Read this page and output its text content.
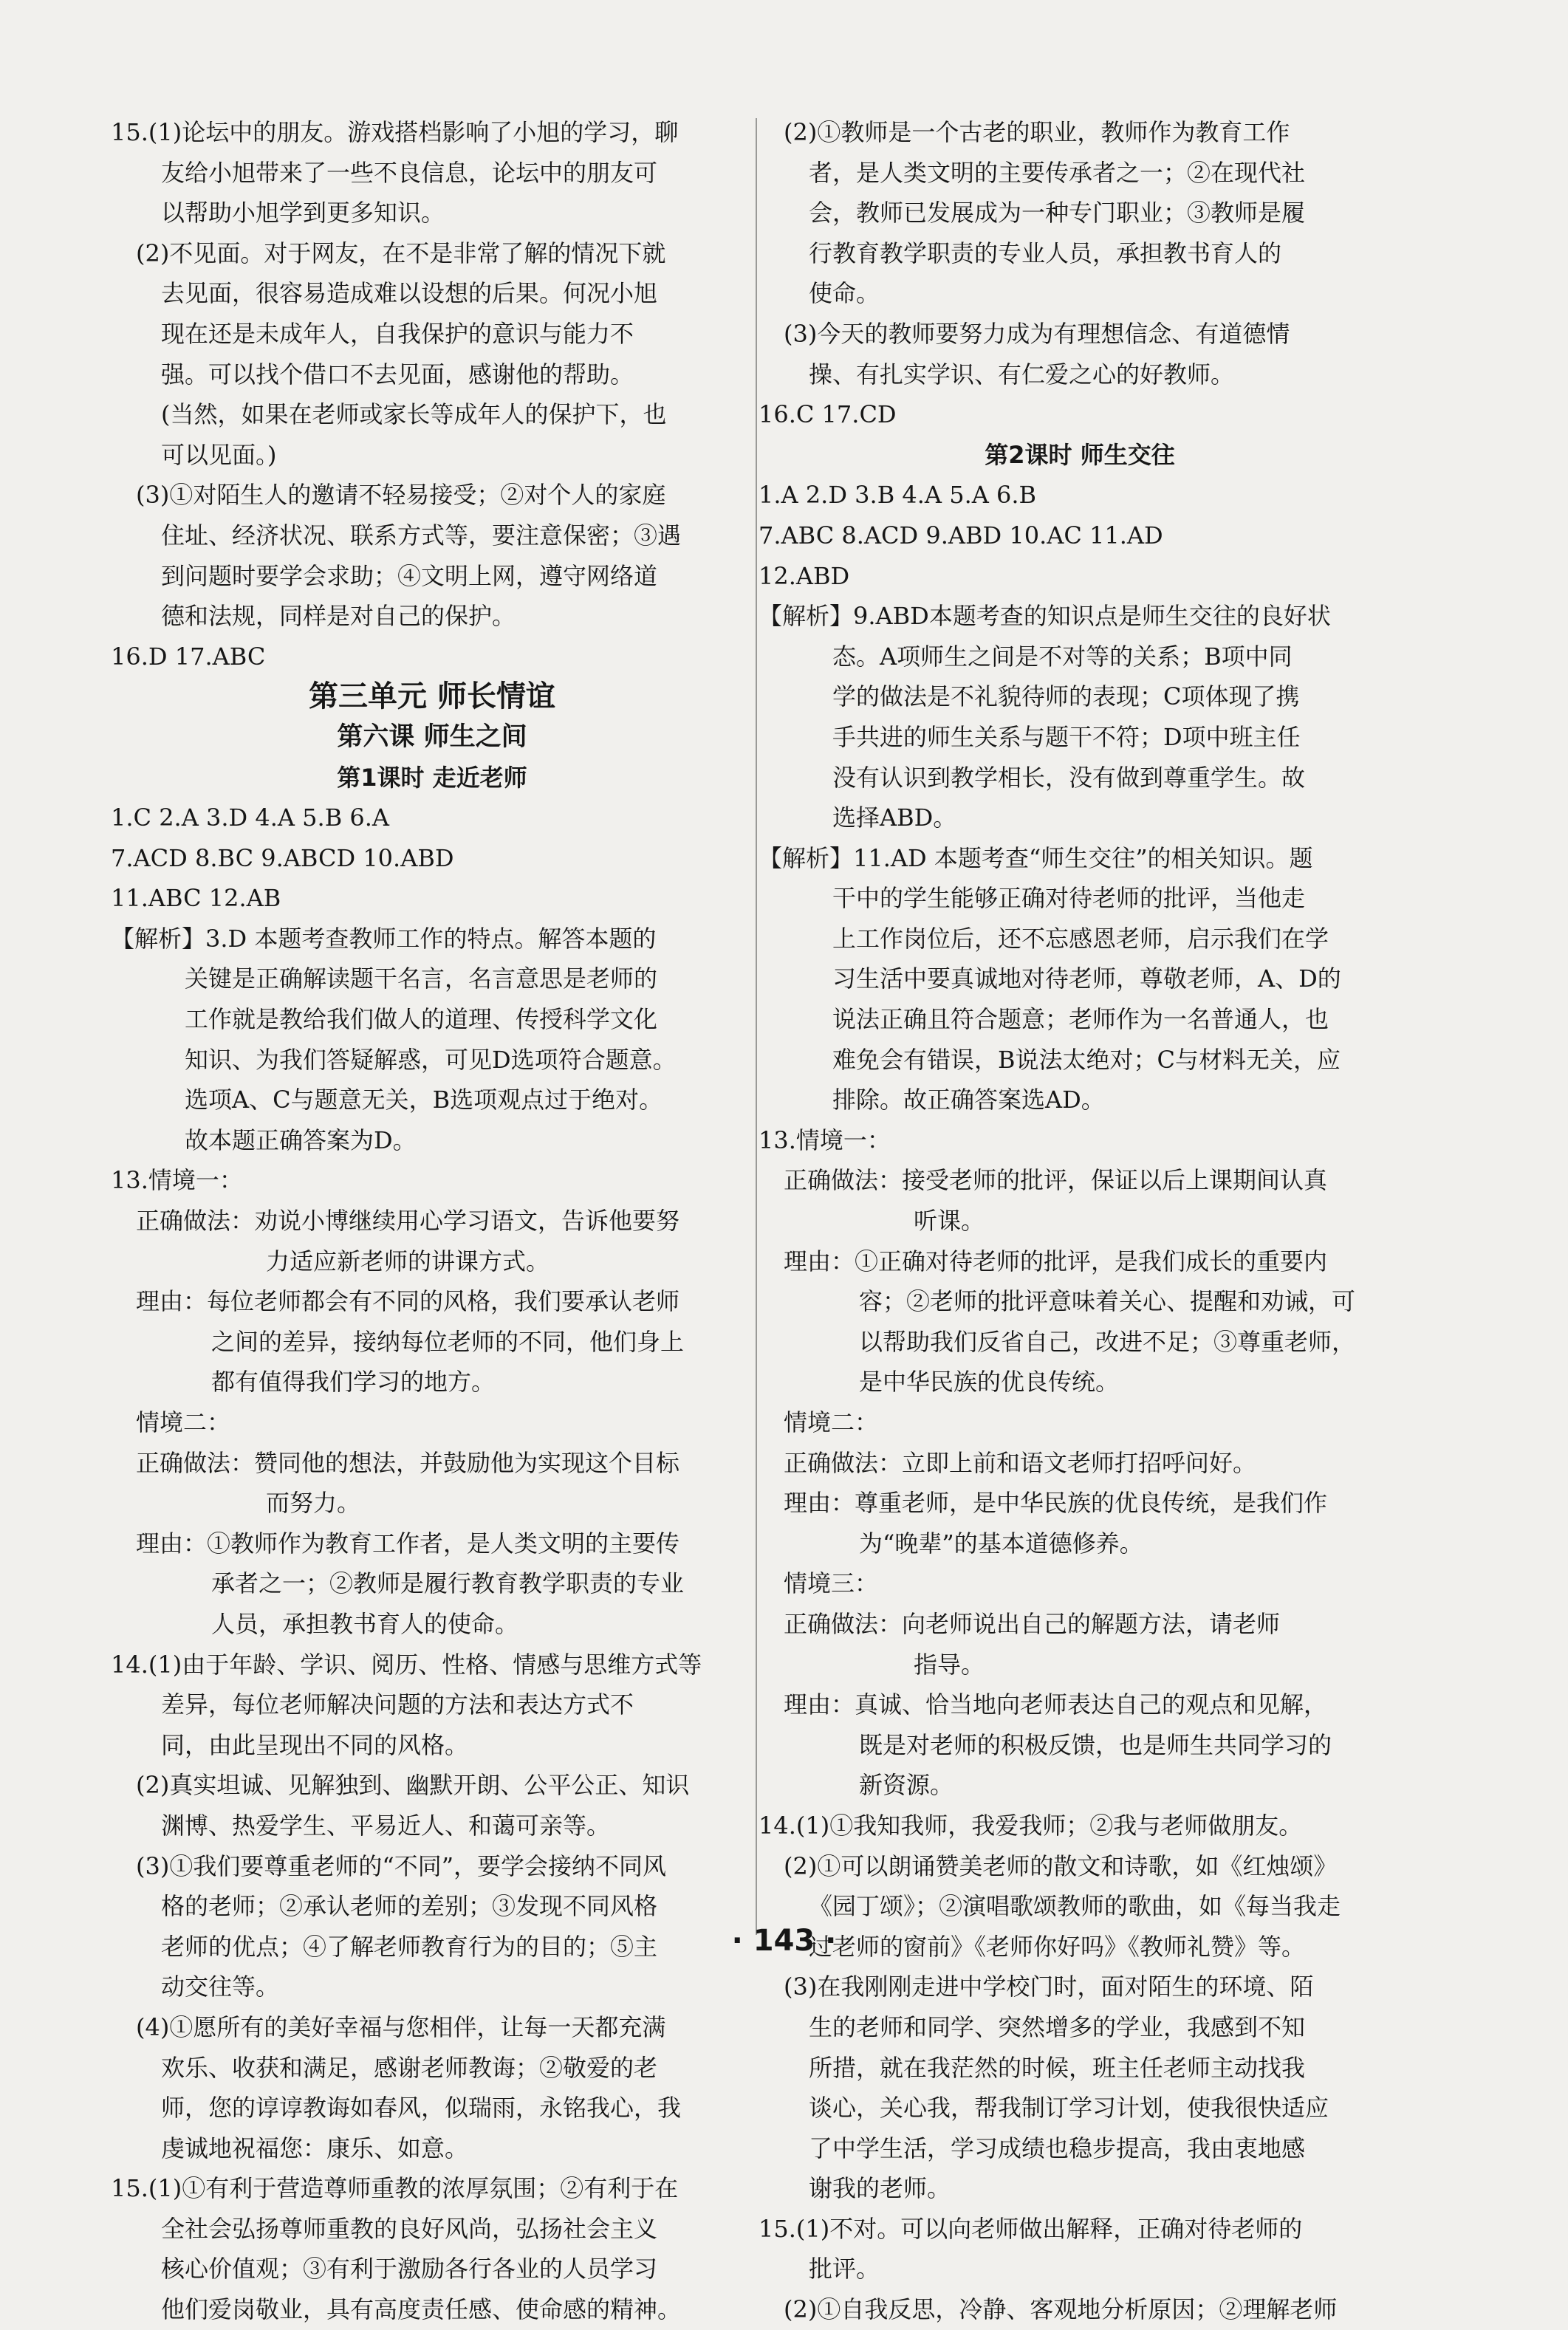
15.(1)论坛中的朋友。游戏搭档影响了小旭的学习，聊
友给小旭带来了一些不良信息，论坛中的朋友可
以帮助小旭学到更多知识。
(2)不见面。对于网友，在不是非常了解的情况下就
去见面，很容易造成难以设想的后果。何况小旭
现在还是未成年人，自我保护的意识与能力不
强。可以找个借口不去见面，感谢他的帮助。
(当然，如果在老师或家长等成年人的保护下，也
可以见面。)
(3)①对陌生人的邀请不轻易接受；②对个人的家庭
住址、经济状况、联系方式等，要注意保密；③遇
到问题时要学会求助；④文明上网，遵守网络道
德和法规，同样是对自己的保护。
16.D 17.ABC
第三单元 师长情谊
第六课 师生之间
第1课时 走近老师
1.C 2.A 3.D 4.A 5.B 6.A
7.ACD 8.BC 9.ABCD 10.ABD
11.ABC 12.AB
【解析】3.D 本题考查教师工作的特点。解答本题的
关键是正确解读题干名言，名言意思是老师的
工作就是教给我们做人的道理、传授科学文化
知识、为我们答疑解惑，可见D选项符合题意。
选项A、C与题意无关，B选项观点过于绝对。
故本题正确答案为D。
13.情境一：
正确做法：劝说小博继续用心学习语文，告诉他要努
力适应新老师的讲课方式。
理由：每位老师都会有不同的风格，我们要承认老师
之间的差异，接纳每位老师的不同，他们身上
都有值得我们学习的地方。
情境二：
正确做法：赞同他的想法，并鼓励他为实现这个目标
而努力。
理由：①教师作为教育工作者，是人类文明的主要传
承者之一；②教师是履行教育教学职责的专业
人员，承担教书育人的使命。
14.(1)由于年龄、学识、阅历、性格、情感与思维方式等
差异，每位老师解决问题的方法和表达方式不
同，由此呈现出不同的风格。
(2)真实坦诚、见解独到、幽默开朗、公平公正、知识
渊博、热爱学生、平易近人、和蔼可亲等。
(3)①我们要尊重老师的“不同”，要学会接纳不同风
格的老师；②承认老师的差别；③发现不同风格
老师的优点；④了解老师教育行为的目的；⑤主
动交往等。
(4)①愿所有的美好幸福与您相伴，让每一天都充满
欢乐、收获和满足，感谢老师教诲；②敬爱的老
师，您的谆谆教诲如春风，似瑞雨，永铭我心，我
虔诚地祝福您：康乐、如意。
15.(1)①有利于营造尊师重教的浓厚氛围；②有利于在
全社会弘扬尊师重教的良好风尚，弘扬社会主义
核心价值观；③有利于激励各行各业的人员学习
他们爱岗敬业，具有高度责任感、使命感的精神。
(2)①教师是一个古老的职业，教师作为教育工作
者，是人类文明的主要传承者之一；②在现代社
会，教师已发展成为一种专门职业；③教师是履
行教育教学职责的专业人员，承担教书育人的
使命。
(3)今天的教师要努力成为有理想信念、有道德情
操、有扎实学识、有仁爱之心的好教师。
16.C 17.CD
第2课时 师生交往
1.A 2.D 3.B 4.A 5.A 6.B
7.ABC 8.ACD 9.ABD 10.AC 11.AD
12.ABD
【解析】9.ABD本题考查的知识点是师生交往的良好状
态。A项师生之间是不对等的关系；B项中同
学的做法是不礼貌待师的表现；C项体现了携
手共进的师生关系与题干不符；D项中班主任
没有认识到教学相长，没有做到尊重学生。故
选择ABD。
【解析】11.AD 本题考查“师生交往”的相关知识。题
干中的学生能够正确对待老师的批评，当他走
上工作岗位后，还不忘感恩老师，启示我们在学
习生活中要真诚地对待老师，尊敬老师，A、D的
说法正确且符合题意；老师作为一名普通人，也
难免会有错误，B说法太绝对；C与材料无关，应
排除。故正确答案选AD。
13.情境一：
正确做法：接受老师的批评，保证以后上课期间认真
听课。
理由：①正确对待老师的批评，是我们成长的重要内
容；②老师的批评意味着关心、提醒和劝诫，可
以帮助我们反省自己，改进不足；③尊重老师，
是中华民族的优良传统。
情境二：
正确做法：立即上前和语文老师打招呼问好。
理由：尊重老师，是中华民族的优良传统，是我们作
为“晚辈”的基本道德修养。
情境三：
正确做法：向老师说出自己的解题方法，请老师
指导。
理由：真诚、恰当地向老师表达自己的观点和见解，
既是对老师的积极反馈，也是师生共同学习的
新资源。
14.(1)①我知我师，我爱我师；②我与老师做朋友。
(2)①可以朗诵赞美老师的散文和诗歌，如《红烛颂》
《园丁颂》；②演唱歌颂教师的歌曲，如《每当我走
过老师的窗前》《老师你好吗》《教师礼赞》等。
(3)在我刚刚走进中学校门时，面对陌生的环境、陌
生的老师和同学、突然增多的学业，我感到不知
所措，就在我茫然的时候，班主任老师主动找我
谈心，关心我，帮我制订学习计划，使我很快适应
了中学生活，学习成绩也稳步提高，我由衷地感
谢我的老师。
15.(1)不对。可以向老师做出解释，正确对待老师的
批评。
(2)①自我反思，冷静、客观地分析原因；②理解老师
· 143 ·
